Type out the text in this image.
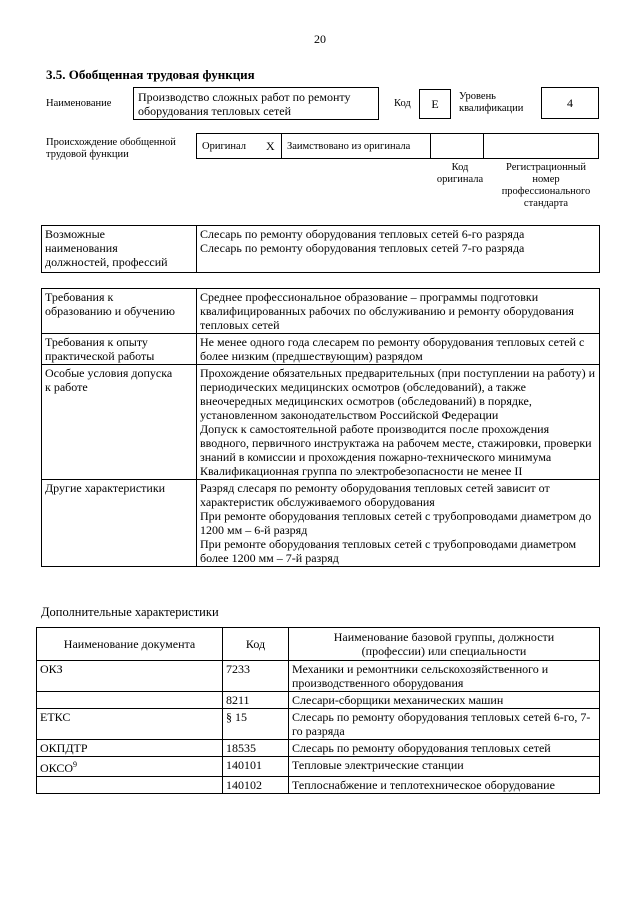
20
3.5. Обобщенная трудовая функция
Наименование	Производство сложных работ по ремонту оборудования тепловых сетей
Код	Е
Уровень
квалификации	4
Происхождение обобщенной
трудовой функции
Оригинал Х Заимствовано из оригинала
Код
оригинала
Регистрационный
номер
профессионального
стандарта
Возможные
наименования
должностей, профессий	Слесарь по ремонту оборудования тепловых сетей 6-го разряда
Слесарь по ремонту оборудования тепловых сетей 7-го разряда
Требования к
образованию и обучению	Среднее профессиональное образование – программы подготовки квалифицированных рабочих по обслуживанию и ремонту оборудования тепловых сетей
Требования к опыту
практической работы	Не менее одного года слесарем по ремонту оборудования тепловых сетей с более низким (предшествующим) разрядом
Особые условия допуска
к работе	Прохождение обязательных предварительных (при поступлении на работу) и периодических медицинских осмотров (обследований), а также внеочередных медицинских осмотров (обследований) в порядке, установленном законодательством Российской Федерации
Допуск к самостоятельной работе производится после прохождения вводного, первичного инструктажа на рабочем месте, стажировки, проверки знаний в комиссии и прохождения пожарно-технического минимума
Квалификационная группа по электробезопасности не менее II
Другие характеристики	Разряд слесаря по ремонту оборудования тепловых сетей зависит от характеристик обслуживаемого оборудования
При ремонте оборудования тепловых сетей с трубопроводами диаметром до 1200 мм – 6-й разряд
При ремонте оборудования тепловых сетей с трубопроводами диаметром более 1200 мм – 7-й разряд
Дополнительные характеристики
Наименование документа	Код	Наименование базовой группы, должности
(профессии) или специальности
ОКЗ	7233	Механики и ремонтники сельскохозяйственного и производственного оборудования
	8211	Слесари-сборщики механических машин
ЕТКС	§ 15	Слесарь по ремонту оборудования тепловых сетей 6-го, 7-го разряда
ОКПДТР	18535	Слесарь по ремонту оборудования тепловых сетей
ОКСО$^9$	140101	Тепловые электрические станции
	140102	Теплоснабжение и теплотехническое оборудование
